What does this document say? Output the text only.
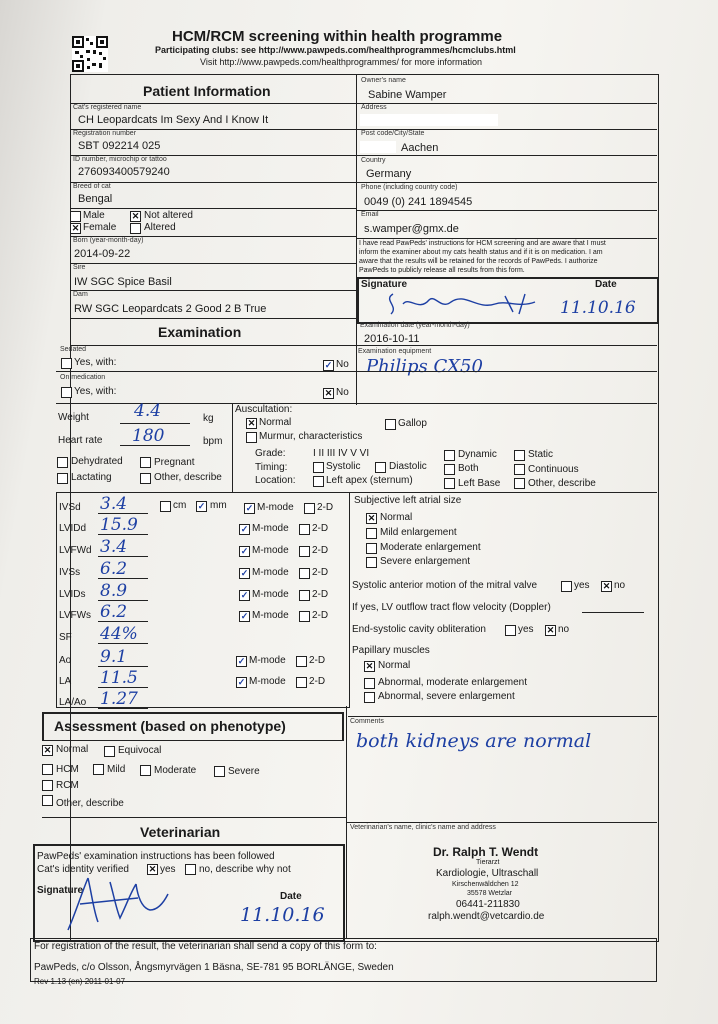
HCM/RCM screening within health programme
Participating clubs: see http://www.pawpeds.com/healthprogrammes/hcmclubs.html
Visit http://www.pawpeds.com/healthprogrammes/ for more information
Patient Information
Cat's registered name
CH Leopardcats Im Sexy And I Know It
Registration number
SBT 092214 025
ID number, microchip or tattoo
276093400579240
Breed of cat
Bengal
Male
✕ Female
✕ Not altered
Altered
Born (year-month-day)
2014-09-22
Sire
IW SGC Spice Basil
Dam
RW SGC Leopardcats 2 Good 2 B True
Owner's name
Sabine Wamper
Address
Post code/City/State
Aachen
Country
Germany
Phone (including country code)
0049 (0) 241 1894545
Email
s.wamper@gmx.de
I have read PawPeds' instructions for HCM screening and are aware that I must
inform the examiner about my cats health status and if it is on medication. I am
aware that the results will be retained for the records of PawPeds. I authorize
PawPeds to publicly release all results from this form.
Signature	Date
11.10.16
Examination	Examination date (year-month-day)
2016-10-11
Sedated
Yes, with:	✓ No
Examination equipment
Philips CX50
On medication
Yes, with:	✕ No
Weight	4.4	kg
Heart rate 180	bpm
Dehydrated	Pregnant
Lactating	Other, describe
Auscultation:
✕ Normal	Gallop
Murmur, characteristics
Grade:	I II III IV V VI	Dynamic	Static
Timing:	Systolic	Diastolic	Both	Continuous
Location:	Left apex (sternum)	Left Base	Other, describe
IVSd 3.4	✓ M-mode 2-D
LVIDd 15.9	✓ M-mode 2-D
LVFWd 3.4	✓ M-mode 2-D
IVSs 6.2	✓ M-mode 2-D
LVIDs 8.9	✓ M-mode 2-D
LVFWs 6.2	✓ M-mode 2-D
SF 44%
Ao 9.1	✓ M-mode 2-D
LA 11.5	✓ M-mode 2-D
LA/Ao 1.27
cm ✓ mm	Subjective left atrial size
✕ Normal
Mild enlargement
Moderate enlargement
Severe enlargement
Systolic anterior motion of the mitral valve	yes ✕ no
If yes, LV outflow tract flow velocity (Doppler)
End-systolic cavity obliteration	yes ✕ no
Papillary muscles
✕ Normal
Abnormal, moderate enlargement
Abnormal, severe enlargement
Assessment (based on phenotype)
✕ Normal	Equivocal
HCM	Mild	Moderate	Severe
RCM
Other, describe
Comments
both kidneys are normal
Veterinarian
PawPeds' examination instructions has been followed
Cat's identity verified ✕ yes no, describe why not
Signature
Date
11.10.16
Veterinarian's name, clinic's name and address
Dr. Ralph T. Wendt
Tierarzt
Kardiologie, Ultraschall
Kirschenwäldchen 12
35578 Wetzlar
06441-211830
ralph.wendt@vetcardio.de
For registration of the result, the veterinarian shall send a copy of this form to:
PawPeds, c/o Olsson, Ångsmyrvägen 1 Bäsna, SE-781 95 BORLÄNGE, Sweden
Rev 1.13 (en) 2011-01-07
